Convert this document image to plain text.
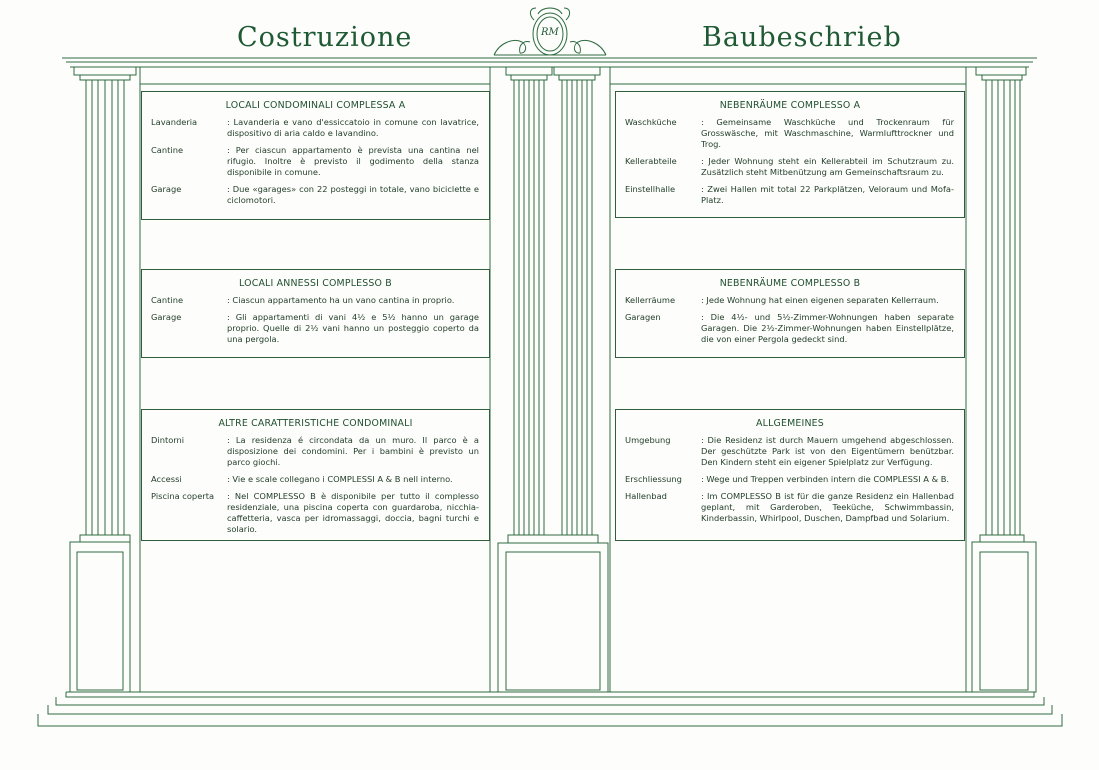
Costruzione	Baubeschrieb
RM
LOCALI CONDOMINALI COMPLESSA A
Lavanderia	: Lavanderia e vano d'essiccatoio in comune con lavatrice, dispositivo di aria caldo e lavandino.
Cantine	: Per ciascun appartamento è prevista una cantina nel rifugio. Inoltre è previsto il godimento della stanza disponibile in comune.
Garage	: Due «garages» con 22 posteggi in totale, vano biciclette e ciclomotori.
LOCALI ANNESSI COMPLESSO B
Cantine	: Ciascun appartamento ha un vano cantina in proprio.
Garage	: Gli appartamenti di vani 4½ e 5½ hanno un garage proprio. Quelle di 2½ vani hanno un posteggio coperto da una pergola.
ALTRE CARATTERISTICHE CONDOMINALI
Dintorni	: La residenza é circondata da un muro. Il parco è a disposizione dei condomini. Per i bambini è previsto un parco giochi.
Accessi	: Vie e scale collegano i COMPLESSI A & B nell interno.
Piscina coperta	: Nel COMPLESSO B è disponibile per tutto il complesso residenziale, una piscina coperta con guardaroba, nicchia-caffetteria, vasca per idromassaggi, doccia, bagni turchi e solario.
NEBENRÄUME COMPLESSO A
Waschküche	: Gemeinsame Waschküche und Trockenraum für Grosswäsche, mit Waschmaschine, Warmlufttrockner und Trog.
Kellerabteile	: Jeder Wohnung steht ein Kellerabteil im Schutzraum zu. Zusätzlich steht Mitbenützung am Gemeinschaftsraum zu.
Einstellhalle	: Zwei Hallen mit total 22 Parkplätzen, Veloraum und Mofa-Platz.
NEBENRÄUME COMPLESSO B
Kellerräume	: Jede Wohnung hat einen eigenen separaten Kellerraum.
Garagen	: Die 4½- und 5½-Zimmer-Wohnungen haben separate Garagen. Die 2½-Zimmer-Wohnungen haben Einstellplätze, die von einer Pergola gedeckt sind.
ALLGEMEINES
Umgebung	: Die Residenz ist durch Mauern umgehend abgeschlossen. Der geschützte Park ist von den Eigentümern benützbar. Den Kindern steht ein eigener Spielplatz zur Verfügung.
Erschliessung	: Wege und Treppen verbinden intern die COMPLESSI A & B.
Hallenbad	: Im COMPLESSO B ist für die ganze Residenz ein Hallenbad geplant, mit Garderoben, Teeküche, Schwimmbassin, Kinderbassin, Whirlpool, Duschen, Dampfbad und Solarium.
